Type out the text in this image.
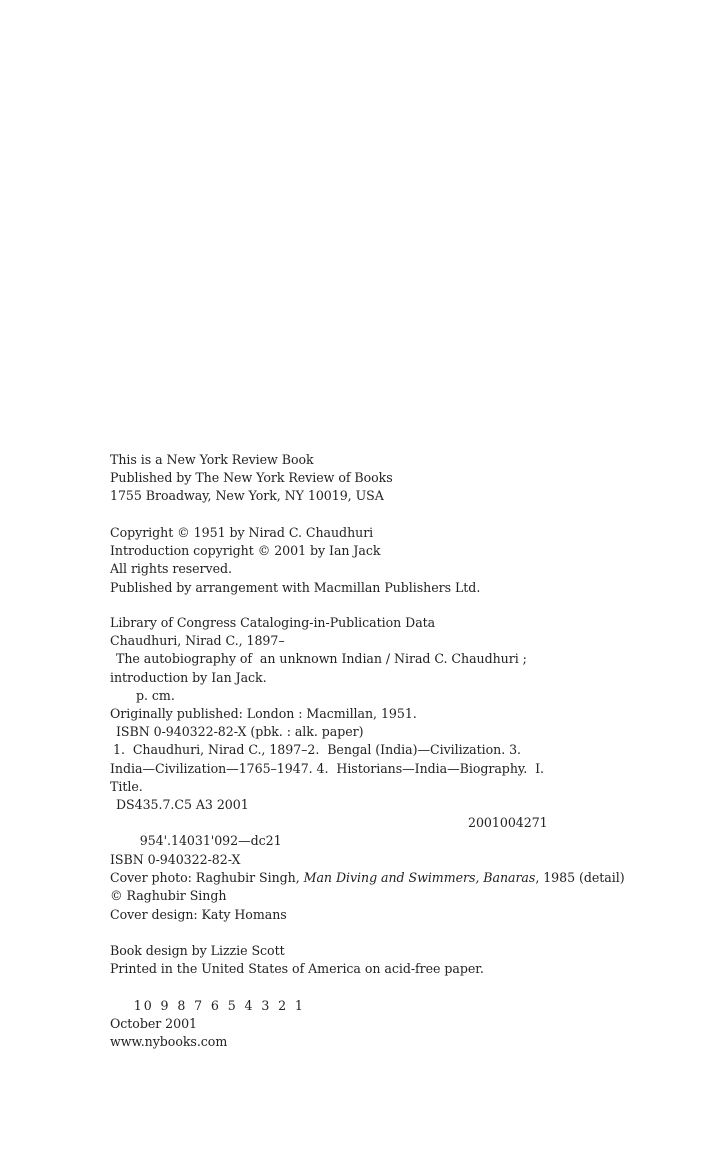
This is a New York Review Book
Published by The New York Review of Books
1755 Broadway, New York, NY 10019, USA
Copyright © 1951 by Nirad C. Chaudhuri
Introduction copyright © 2001 by Ian Jack
All rights reserved.
Published by arrangement with Macmillan Publishers Ltd.
Library of Congress Cataloging-in-Publication Data
Chaudhuri, Nirad C., 1897–
The autobiography of  an unknown Indian / Nirad C. Chaudhuri ;
introduction by Ian Jack.
p. cm.
Originally published: London : Macmillan, 1951.
ISBN 0-940322-82-X (pbk. : alk. paper)
1.  Chaudhuri, Nirad C., 1897–2.  Bengal (India)—Civilization. 3.
India—Civilization—1765–1947. 4.  Historians—India—Biography.  I.
Title.
DS435.7.C5 A3 2001

954'.14031'092—dc21

2001004271

ISBN 0-940322-82-X
Cover photo: Raghubir Singh, Man Diving and Swimmers, Banaras, 1985 (detail)
© Raghubir Singh
Cover design: Katy Homans
Book design by Lizzie Scott
Printed in the United States of America on acid-free paper.

1 0 9 8 7 6 5 4 3 2 1

October 2001
www.nybooks.com
